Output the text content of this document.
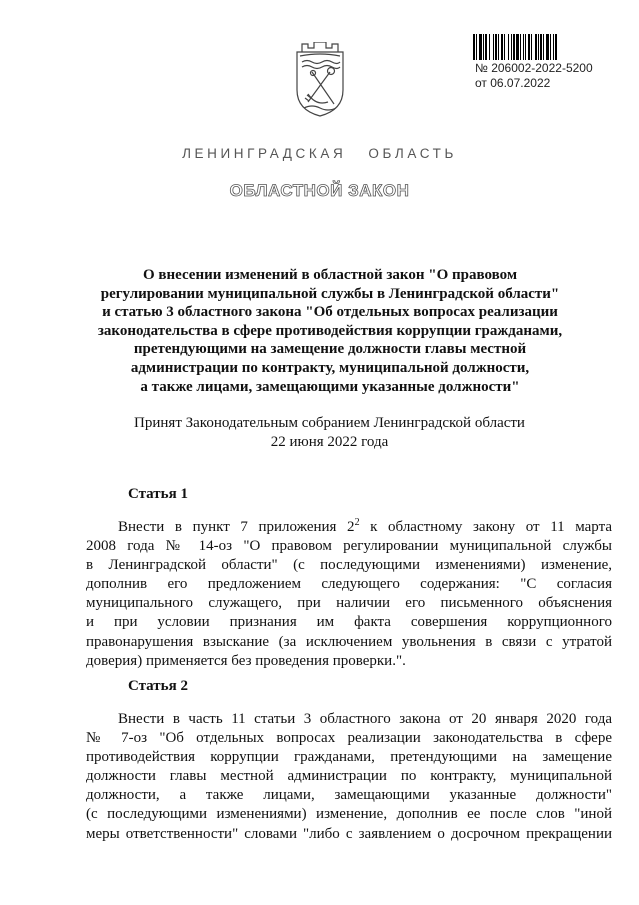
№ 206002-2022-5200
от 06.07.2022
ЛЕНИНГРАДСКАЯ   ОБЛАСТЬ
ОБЛАСТНОЙ ЗАКОН
О внесении изменений в областной закон "О правовом
регулировании муниципальной службы в Ленинградской области"
и статью 3 областного закона "Об отдельных вопросах реализации
законодательства в сфере противодействия коррупции гражданами,
претендующими на замещение должности главы местной
администрации по контракту, муниципальной должности,
а также лицами, замещающими указанные должности"
Принят Законодательным собранием Ленинградской области
22 июня 2022 года
Статья 1
Внести в пункт 7 приложения $2^2$ к областному закону от 11 марта
2008 года № 14-оз "О правовом регулировании муниципальной службы
в Ленинградской области" (с последующими изменениями) изменение,
дополнив его предложением следующего содержания: "С согласия
муниципального служащего, при наличии его письменного объяснения
и при условии признания им факта совершения коррупционного
правонарушения взыскание (за исключением увольнения в связи с утратой
доверия) применяется без проведения проверки.".
Статья 2
Внести в часть 11 статьи 3 областного закона от 20 января 2020 года
№ 7-оз "Об отдельных вопросах реализации законодательства в сфере
противодействия коррупции гражданами, претендующими на замещение
должности главы местной администрации по контракту, муниципальной
должности, а также лицами, замещающими указанные должности"
(с последующими изменениями) изменение, дополнив ее после слов "иной
меры ответственности" словами "либо с заявлением о досрочном прекращении
